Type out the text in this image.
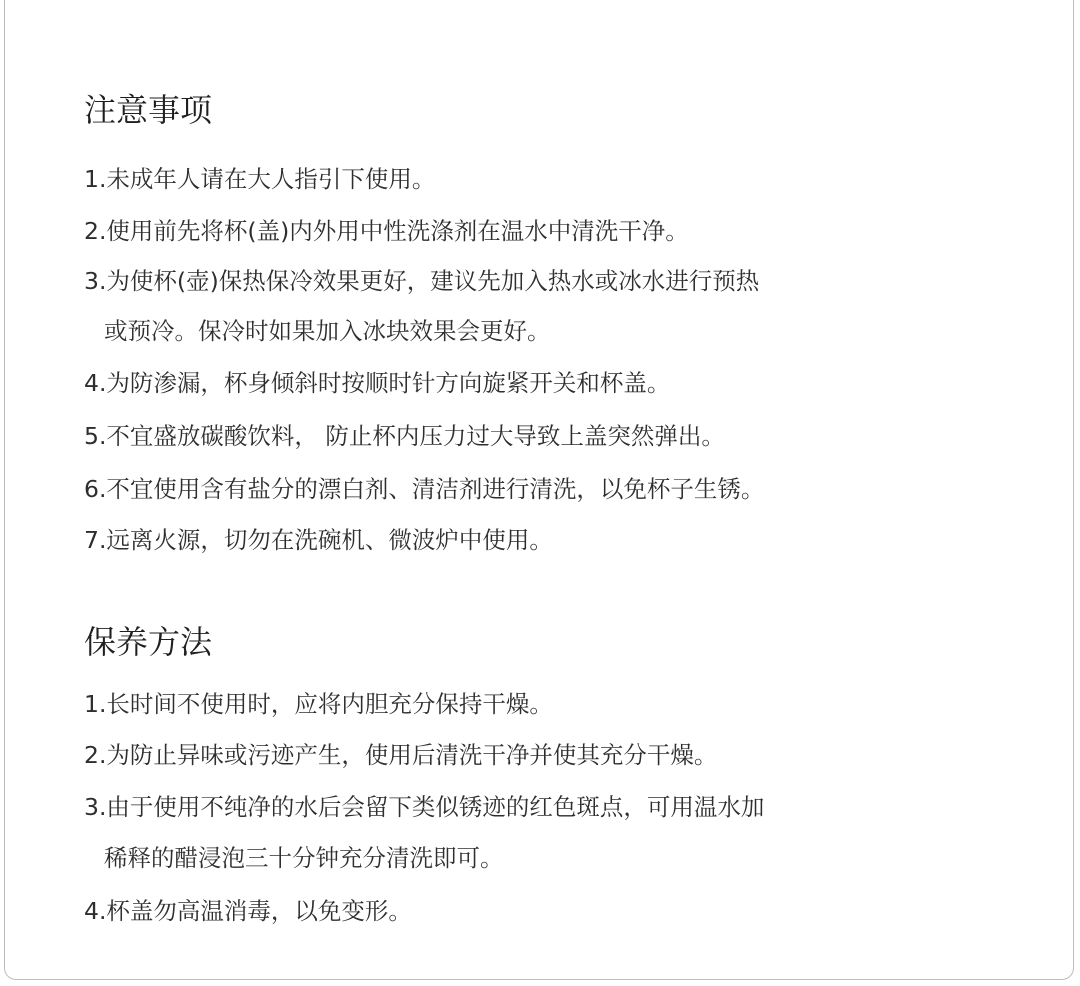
注意事项

1.未成年人请在大人指引下使用。

2.使用前先将杯(盖)内外用中性洗涤剂在温水中清洗干净。

3.为使杯(壶)保热保冷效果更好，建议先加入热水或冰水进行预热

或预冷。保冷时如果加入冰块效果会更好。

4.为防渗漏，杯身倾斜时按顺时针方向旋紧开关和杯盖。

5.不宜盛放碳酸饮料， 防止杯内压力过大导致上盖突然弹出。

6.不宜使用含有盐分的漂白剂、清洁剂进行清洗，以免杯子生锈。

7.远离火源，切勿在洗碗机、微波炉中使用。

保养方法

1.长时间不使用时，应将内胆充分保持干燥。

2.为防止异味或污迹产生，使用后清洗干净并使其充分干燥。

3.由于使用不纯净的水后会留下类似锈迹的红色斑点，可用温水加

稀释的醋浸泡三十分钟充分清洗即可。

4.杯盖勿高温消毒，以免变形。
